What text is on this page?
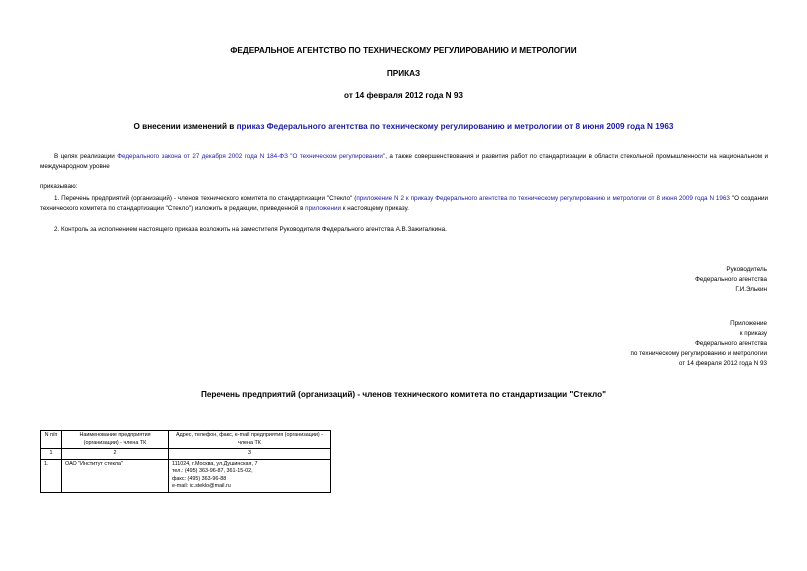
ФЕДЕРАЛЬНОЕ АГЕНТСТВО ПО ТЕХНИЧЕСКОМУ РЕГУЛИРОВАНИЮ И МЕТРОЛОГИИ
ПРИКАЗ
от 14 февраля 2012 года N 93
О внесении изменений в приказ Федерального агентства по техническому регулированию и метрологии от 8 июня 2009 года N 1963
В целях реализации Федерального закона от 27 декабря 2002 года N 184-ФЗ "О техническом регулировании", а также совершенствования и развития работ по стандартизации в области стекольной промышленности на национальном и международном уровне
приказываю:
1. Перечень предприятий (организаций) - членов технического комитета по стандартизации "Стекло" (приложение N 2 к приказу Федерального агентства по техническому регулированию и метрологии от 8 июня 2009 года N 1963 "О создании технического комитета по стандартизации "Стекло") изложить в редакции, приведенной в приложении к настоящему приказу.
2. Контроль за исполнением настоящего приказа возложить на заместителя Руководителя Федерального агентства А.В.Зажигалкина.
Руководитель
Федерального агентства
Г.И.Элькин
Приложение
к приказу
Федерального агентства
по техническому регулированию и метрологии
от 14 февраля 2012 года N 93
Перечень предприятий (организаций) - членов технического комитета по стандартизации "Стекло"
N п/п	Наименование предприятия (организации) - члена ТК	Адрес, телефон, факс, e-mail предприятия (организации) - члена ТК
1	2	3
1.	ОАО "Институт стекла"	111024, г.Москва, ул.Душинская, 7
тел.: (495) 363-96-87, 361-15-02,
факс: (495) 363-96-88
e-mail: ic.steklo@mail.ru
